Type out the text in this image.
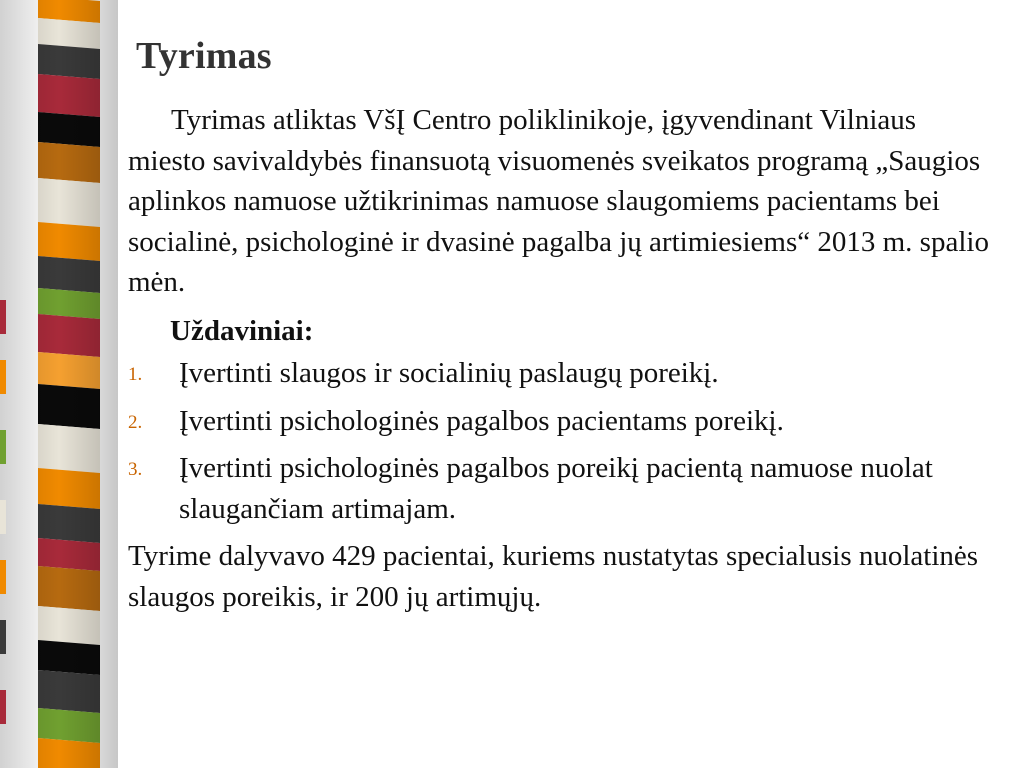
Tyrimas

Tyrimas atliktas VšĮ Centro poliklinikoje, įgyvendinant Vilniaus miesto savivaldybės finansuotą visuomenės sveikatos programą „Saugios aplinkos namuose užtikrinimas namuose slaugomiems pacientams bei socialinė, psichologinė ir dvasinė pagalba jų artimiesiems“ 2013 m. spalio mėn.

Uždaviniai:
1. Įvertinti slaugos ir socialinių paslaugų poreikį.
2. Įvertinti psichologinės pagalbos pacientams poreikį.
3. Įvertinti psichologinės pagalbos poreikį pacientą namuose nuolat slaugančiam artimajam.

Tyrime dalyvavo 429 pacientai, kuriems nustatytas specialusis nuolatinės slaugos poreikis, ir 200 jų artimųjų.
